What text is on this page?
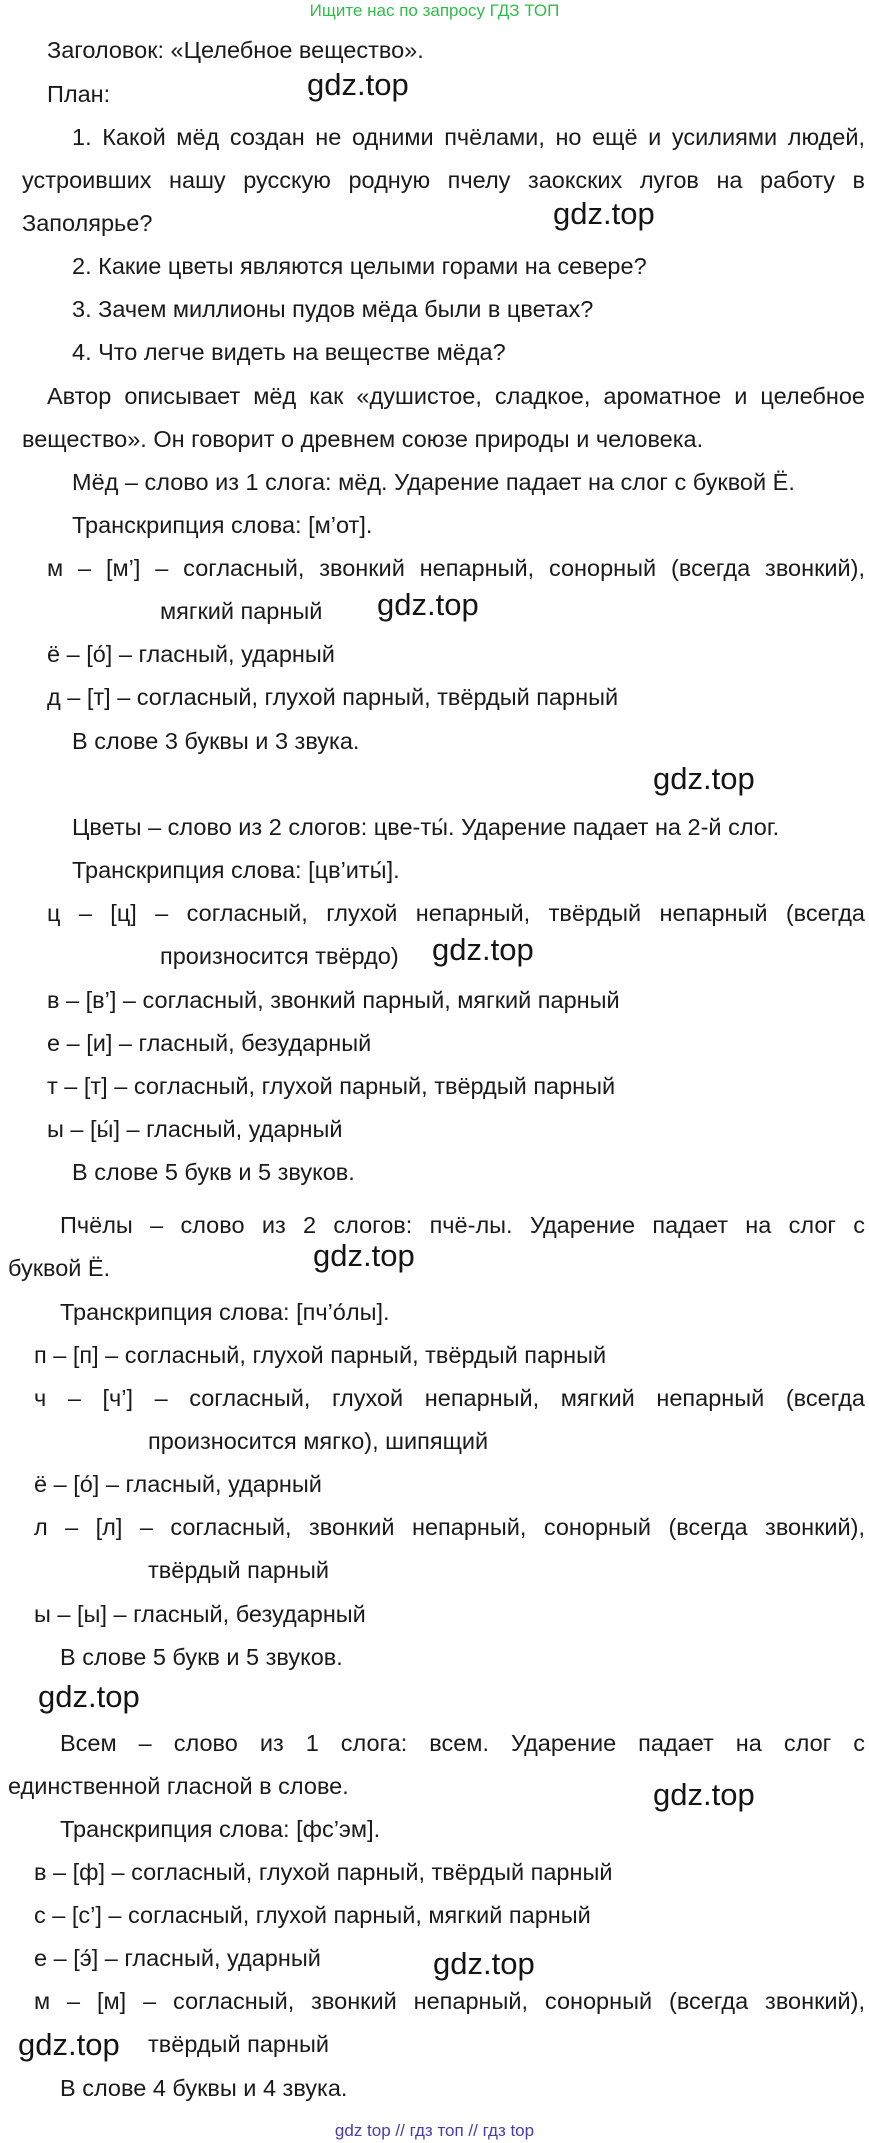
Ищите нас по запросу ГДЗ ТОП
Заголовок: «Целебное вещество».
План:
1. Какой мёд создан не одними пчёлами, но ещё и усилиями людей,
устроивших нашу русскую родную пчелу заокских лугов на работу в
Заполярье?
2. Какие цветы являются целыми горами на севере?
3. Зачем миллионы пудов мёда были в цветах?
4. Что легче видеть на веществе мёда?
Автор описывает мёд как «душистое, сладкое, ароматное и целебное
вещество». Он говорит о древнем союзе природы и человека.
Мёд – слово из 1 слога: мёд. Ударение падает на слог с буквой Ё.
Транскрипция слова: [м’от].
м – [м’] – согласный, звонкий непарный, сонорный (всегда звонкий),
мягкий парный
ё – [о́] – гласный, ударный
д – [т] – согласный, глухой парный, твёрдый парный
В слове 3 буквы и 3 звука.
Цветы – слово из 2 слогов: цве-ты́. Ударение падает на 2-й слог.
Транскрипция слова: [цв’иты́].
ц – [ц] – согласный, глухой непарный, твёрдый непарный (всегда
произносится твёрдо)
в – [в’] – согласный, звонкий парный, мягкий парный
е – [и] – гласный, безударный
т – [т] – согласный, глухой парный, твёрдый парный
ы – [ы́] – гласный, ударный
В слове 5 букв и 5 звуков.
Пчёлы – слово из 2 слогов: пчё-лы. Ударение падает на слог с
буквой Ё.
Транскрипция слова: [пч’о́лы].
п – [п] – согласный, глухой парный, твёрдый парный
ч – [ч’] – согласный, глухой непарный, мягкий непарный (всегда
произносится мягко), шипящий
ё – [о́] – гласный, ударный
л – [л] – согласный, звонкий непарный, сонорный (всегда звонкий),
твёрдый парный
ы – [ы] – гласный, безударный
В слове 5 букв и 5 звуков.
Всем – слово из 1 слога: всем. Ударение падает на слог с
единственной гласной в слове.
Транскрипция слова: [фс’эм].
в – [ф] – согласный, глухой парный, твёрдый парный
с – [с’] – согласный, глухой парный, мягкий парный
е – [э́] – гласный, ударный
м – [м] – согласный, звонкий непарный, сонорный (всегда звонкий),
твёрдый парный
В слове 4 буквы и 4 звука.
gdz.top
gdz.top
gdz.top
gdz.top
gdz.top
gdz.top
gdz.top
gdz.top
gdz.top
gdz.top
gdz top // гдз топ // гдз top
